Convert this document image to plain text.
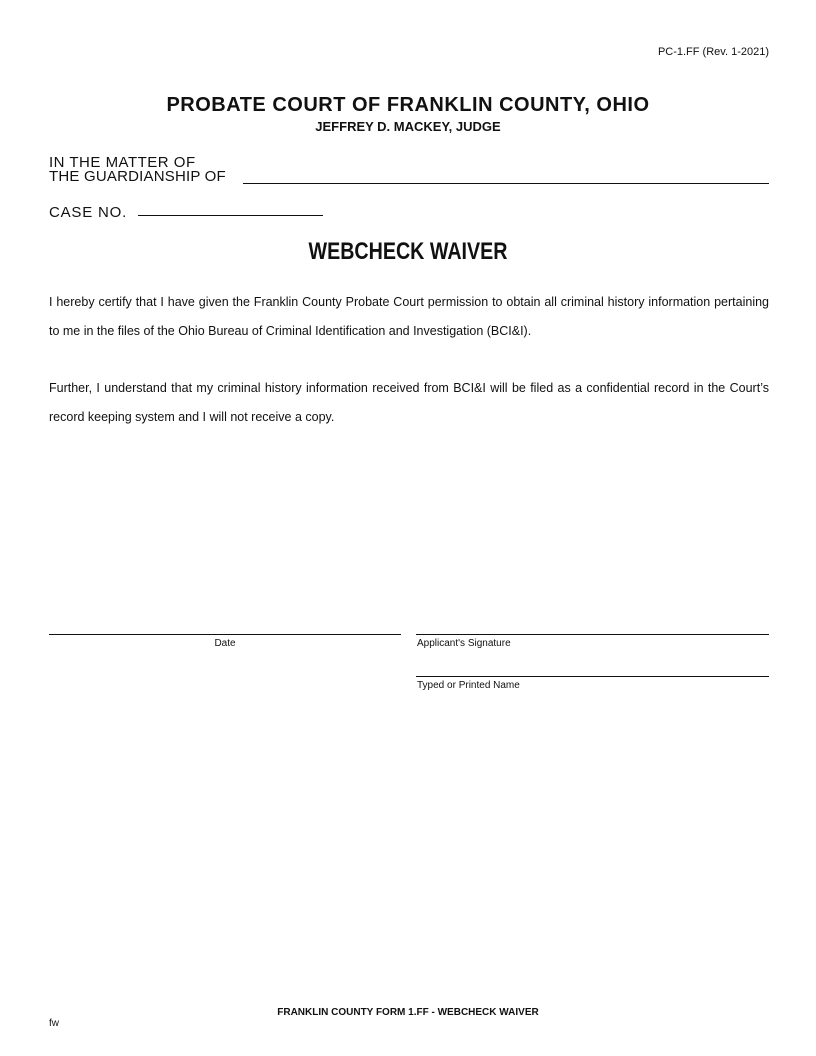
PC-1.FF (Rev. 1-2021)
PROBATE COURT OF FRANKLIN COUNTY, OHIO
JEFFREY D. MACKEY, JUDGE
IN THE MATTER OF
THE GUARDIANSHIP OF
CASE NO.
WEBCHECK WAIVER
I hereby certify that I have given the Franklin County Probate Court permission to obtain all criminal history information pertaining to me in the files of the Ohio Bureau of Criminal Identification and Investigation (BCI&I).
Further, I understand that my criminal history information received from BCI&I will be filed as a confidential record in the Court’s record keeping system and I will not receive a copy.
Date	Applicant's Signature
Typed or Printed Name
FRANKLIN COUNTY FORM 1.FF - WEBCHECK WAIVER
fw
